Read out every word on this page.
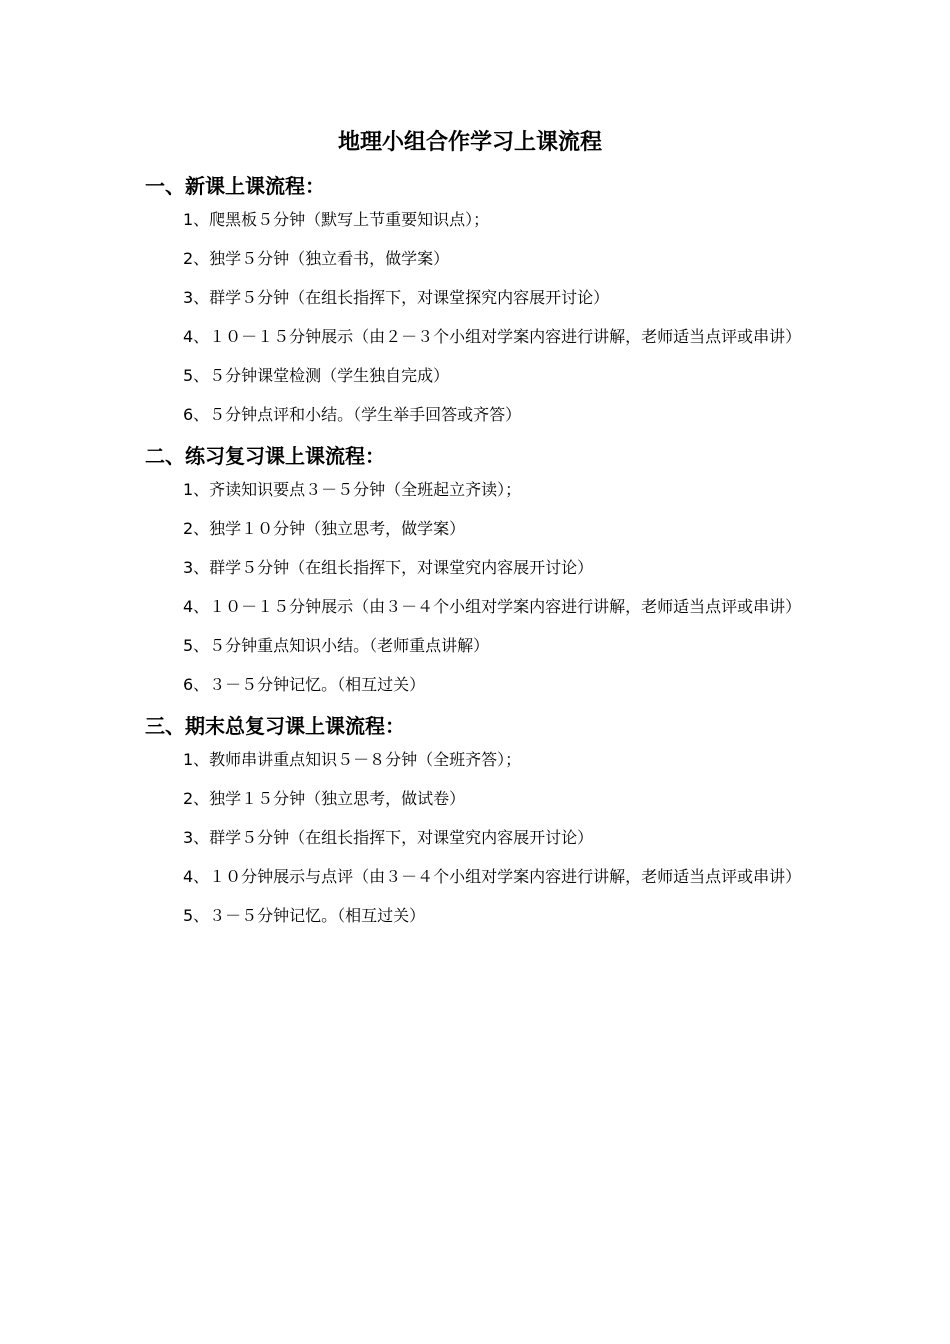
地理小组合作学习上课流程
一、新课上课流程：
1、爬黑板５分钟（默写上节重要知识点）；
2、独学５分钟（独立看书，做学案）
3、群学５分钟（在组长指挥下，对课堂探究内容展开讨论）
4、１０－１５分钟展示（由２－３个小组对学案内容进行讲解，老师适当点评或串讲）
5、５分钟课堂检测（学生独自完成）
6、５分钟点评和小结。（学生举手回答或齐答）
二、练习复习课上课流程：
1、齐读知识要点３－５分钟（全班起立齐读）；
2、独学１０分钟（独立思考，做学案）
3、群学５分钟（在组长指挥下，对课堂究内容展开讨论）
4、１０－１５分钟展示（由３－４个小组对学案内容进行讲解，老师适当点评或串讲）
5、５分钟重点知识小结。（老师重点讲解）
6、３－５分钟记忆。（相互过关）
三、期末总复习课上课流程：
1、教师串讲重点知识５－８分钟（全班齐答）；
2、独学１５分钟（独立思考，做试卷）
3、群学５分钟（在组长指挥下，对课堂究内容展开讨论）
4、１０分钟展示与点评（由３－４个小组对学案内容进行讲解，老师适当点评或串讲）
5、３－５分钟记忆。（相互过关）
